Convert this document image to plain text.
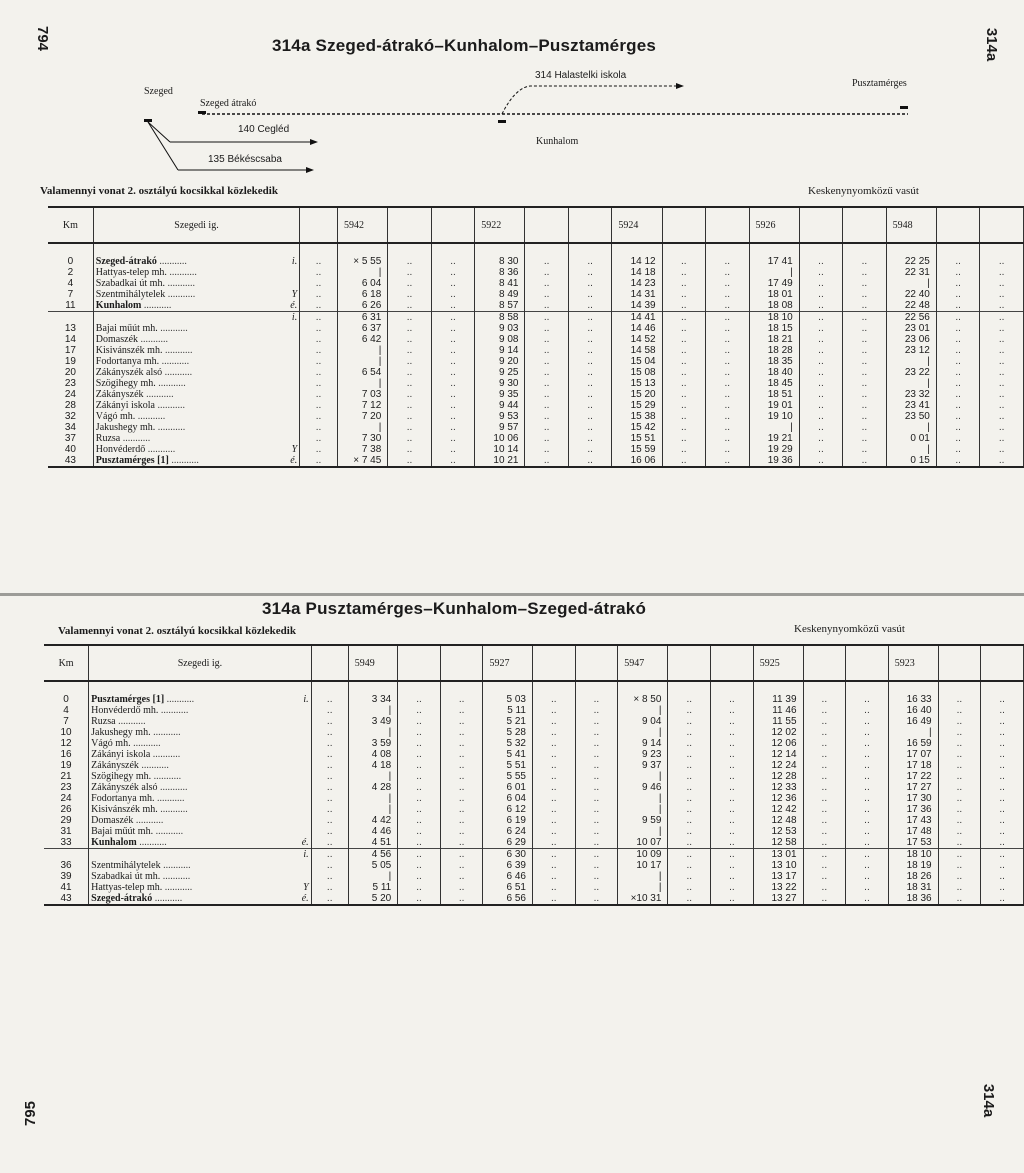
794	314a
795	314a
314a Szeged-átrakó–Kunhalom–Pusztamérges
Szeged
Szeged átrakó
Kunhalom
314 Halastelki iskola
Pusztamérges
140 Cegléd
135 Békéscsaba
Valamennyi vonat 2. osztályú kocsikkal közlekedik	Keskenynyomközű vasút
Km	Szegedi ig.		5942			5922			5924			5926			5948		

0	Szeged-átrakó ........... i.	..	× 5 55	..	..	8 30	..	..	14 12	..	..	17 41	..	..	22 25	..	..
2	Hattyas-telep mh. ...........	..	|	..	..	8 36	..	..	14 18	..	..	|	..	..	22 31	..	..
4	Szabadkai út mh. ...........	..	6 04	..	..	8 41	..	..	14 23	..	..	17 49	..	..	|	..	..
7	Szentmihálytelek ........... Y	..	6 18	..	..	8 49	..	..	14 31	..	..	18 01	..	..	22 40	..	..
11	Kunhalom ........... é.	..	6 26	..	..	8 57	..	..	14 39	..	..	18 08	..	..	22 48	..	..

	i.	..	6 31	..	..	8 58	..	..	14 41	..	..	18 10	..	..	22 56	..	..
13	Bajai műút mh. ...........	..	6 37	..	..	9 03	..	..	14 46	..	..	18 15	..	..	23 01	..	..
14	Domaszék ...........	..	6 42	..	..	9 08	..	..	14 52	..	..	18 21	..	..	23 06	..	..
17	Kisivánszék mh. ...........	..	|	..	..	9 14	..	..	14 58	..	..	18 28	..	..	23 12	..	..
19	Fodortanya mh. ...........	..	|	..	..	9 20	..	..	15 04	..	..	18 35	..	..	|	..	..
20	Zákányszék alsó ...........	..	6 54	..	..	9 25	..	..	15 08	..	..	18 40	..	..	23 22	..	..
23	Szögihegy mh. ...........	..	|	..	..	9 30	..	..	15 13	..	..	18 45	..	..	|	..	..
24	Zákányszék ...........	..	7 03	..	..	9 35	..	..	15 20	..	..	18 51	..	..	23 32	..	..
28	Zákányi iskola ...........	..	7 12	..	..	9 44	..	..	15 29	..	..	19 01	..	..	23 41	..	..
32	Vágó mh. ...........	..	7 20	..	..	9 53	..	..	15 38	..	..	19 10	..	..	23 50	..	..
34	Jakushegy mh. ...........	..	|	..	..	9 57	..	..	15 42	..	..	|	..	..	|	..	..
37	Ruzsa ...........	..	7 30	..	..	10 06	..	..	15 51	..	..	19 21	..	..	0 01	..	..
40	Honvéderdő ........... Y	..	7 38	..	..	10 14	..	..	15 59	..	..	19 29	..	..	|	..	..
43	Pusztamérges [1] ........... é.	..	× 7 45	..	..	10 21	..	..	16 06	..	..	19 36	..	..	0 15	..	..
314a Pusztamérges–Kunhalom–Szeged-átrakó
Valamennyi vonat 2. osztályú kocsikkal közlekedik	Keskenynyomközű vasút
Km	Szegedi ig.		5949			5927			5947			5925			5923		

0	Pusztamérges [1] ........... i.	..	3 34	..	..	5 03	..	..	× 8 50	..	..	11 39	..	..	16 33	..	..
4	Honvéderdő mh. ...........	..	|	..	..	5 11	..	..	|	..	..	11 46	..	..	16 40	..	..
7	Ruzsa ...........	..	3 49	..	..	5 21	..	..	9 04	..	..	11 55	..	..	16 49	..	..
10	Jakushegy mh. ...........	..	|	..	..	5 28	..	..	|	..	..	12 02	..	..	|	..	..
12	Vágó mh. ...........	..	3 59	..	..	5 32	..	..	9 14	..	..	12 06	..	..	16 59	..	..
16	Zákányi iskola ...........	..	4 08	..	..	5 41	..	..	9 23	..	..	12 14	..	..	17 07	..	..
19	Zákányszék ...........	..	4 18	..	..	5 51	..	..	9 37	..	..	12 24	..	..	17 18	..	..
21	Szögihegy mh. ...........	..	|	..	..	5 55	..	..	|	..	..	12 28	..	..	17 22	..	..
23	Zákányszék alsó ...........	..	4 28	..	..	6 01	..	..	9 46	..	..	12 33	..	..	17 27	..	..
24	Fodortanya mh. ...........	..	|	..	..	6 04	..	..	|	..	..	12 36	..	..	17 30	..	..
26	Kisivánszék mh. ...........	..	|	..	..	6 12	..	..	|	..	..	12 42	..	..	17 36	..	..
29	Domaszék ...........	..	4 42	..	..	6 19	..	..	9 59	..	..	12 48	..	..	17 43	..	..
31	Bajai műút mh. ...........	..	4 46	..	..	6 24	..	..	|	..	..	12 53	..	..	17 48	..	..
33	Kunhalom ........... é.	..	4 51	..	..	6 29	..	..	10 07	..	..	12 58	..	..	17 53	..	..

	i.	..	4 56	..	..	6 30	..	..	10 09	..	..	13 01	..	..	18 10	..	..
36	Szentmihálytelek ...........	..	5 05	..	..	6 39	..	..	10 17	..	..	13 10	..	..	18 19	..	..
39	Szabadkai út mh. ...........	..	|	..	..	6 46	..	..	|	..	..	13 17	..	..	18 26	..	..
41	Hattyas-telep mh. ........... Y	..	5 11	..	..	6 51	..	..	|	..	..	13 22	..	..	18 31	..	..
43	Szeged-átrakó ........... é.	..	5 20	..	..	6 56	..	..	×10 31	..	..	13 27	..	..	18 36	..	..
